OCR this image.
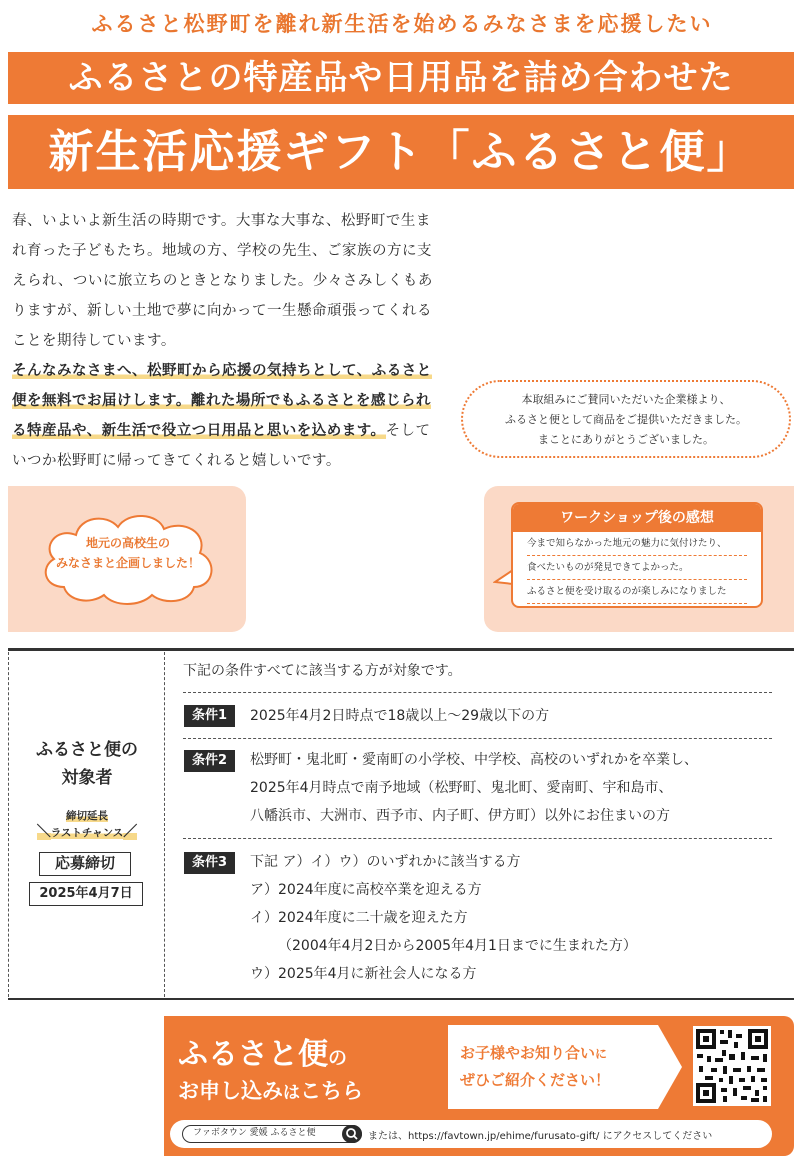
ふるさと松野町を離れ新生活を始めるみなさまを応援したい
ふるさとの特産品や日用品を詰め合わせた
新生活応援ギフト「ふるさと便」

春、いよいよ新生活の時期です。大事な大事な、松野町で生まれ育った子どもたち。地域の方、学校の先生、ご家族の方に支えられ、ついに旅立ちのときとなりました。少々さみしくもありますが、新しい土地で夢に向かって一生懸命頑張ってくれることを期待しています。

そんなみなさまへ、松野町から応援の気持ちとして、ふるさと便を無料でお届けします。離れた場所でもふるさとを感じられる特産品や、新生活で役立つ日用品と思いを込めます。そしていつか松野町に帰ってきてくれると嬉しいです。

本取組みにご賛同いただいた企業様より、
ふるさと便として商品をご提供いただきました。
まことにありがとうございました。
地元の高校生の
みなさまと企画しました！
ワークショップ後の感想
今まで知らなかった地元の魅力に気付けたり、
食べたいものが発見できてよかった。
ふるさと便を受け取るのが楽しみになりました
ふるさと便の
対象者
締切延長
＼ラストチャンス／
応募締切
2025年4月7日
下記の条件すべてに該当する方が対象です。
条件1	2025年4月2日時点で18歳以上～29歳以下の方
条件2	松野町・鬼北町・愛南町の小学校、中学校、高校のいずれかを卒業し、
2025年4月時点で南予地域（松野町、鬼北町、愛南町、宇和島市、
八幡浜市、大洲市、西予市、内子町、伊方町）以外にお住まいの方
条件3	下記 ア）イ）ウ）のいずれかに該当する方
ア）2024年度に高校卒業を迎える方
イ）2024年度に二十歳を迎えた方
（2004年4月2日から2005年4月1日までに生まれた方）
ウ）2025年4月に新社会人になる方
ふるさと便の
お申し込みはこちら
お子様やお知り合いに
ぜひご紹介ください！
ファボタウン 愛媛 ふるさと便	または、https://favtown.jp/ehime/furusato-gift/ にアクセスしてください
